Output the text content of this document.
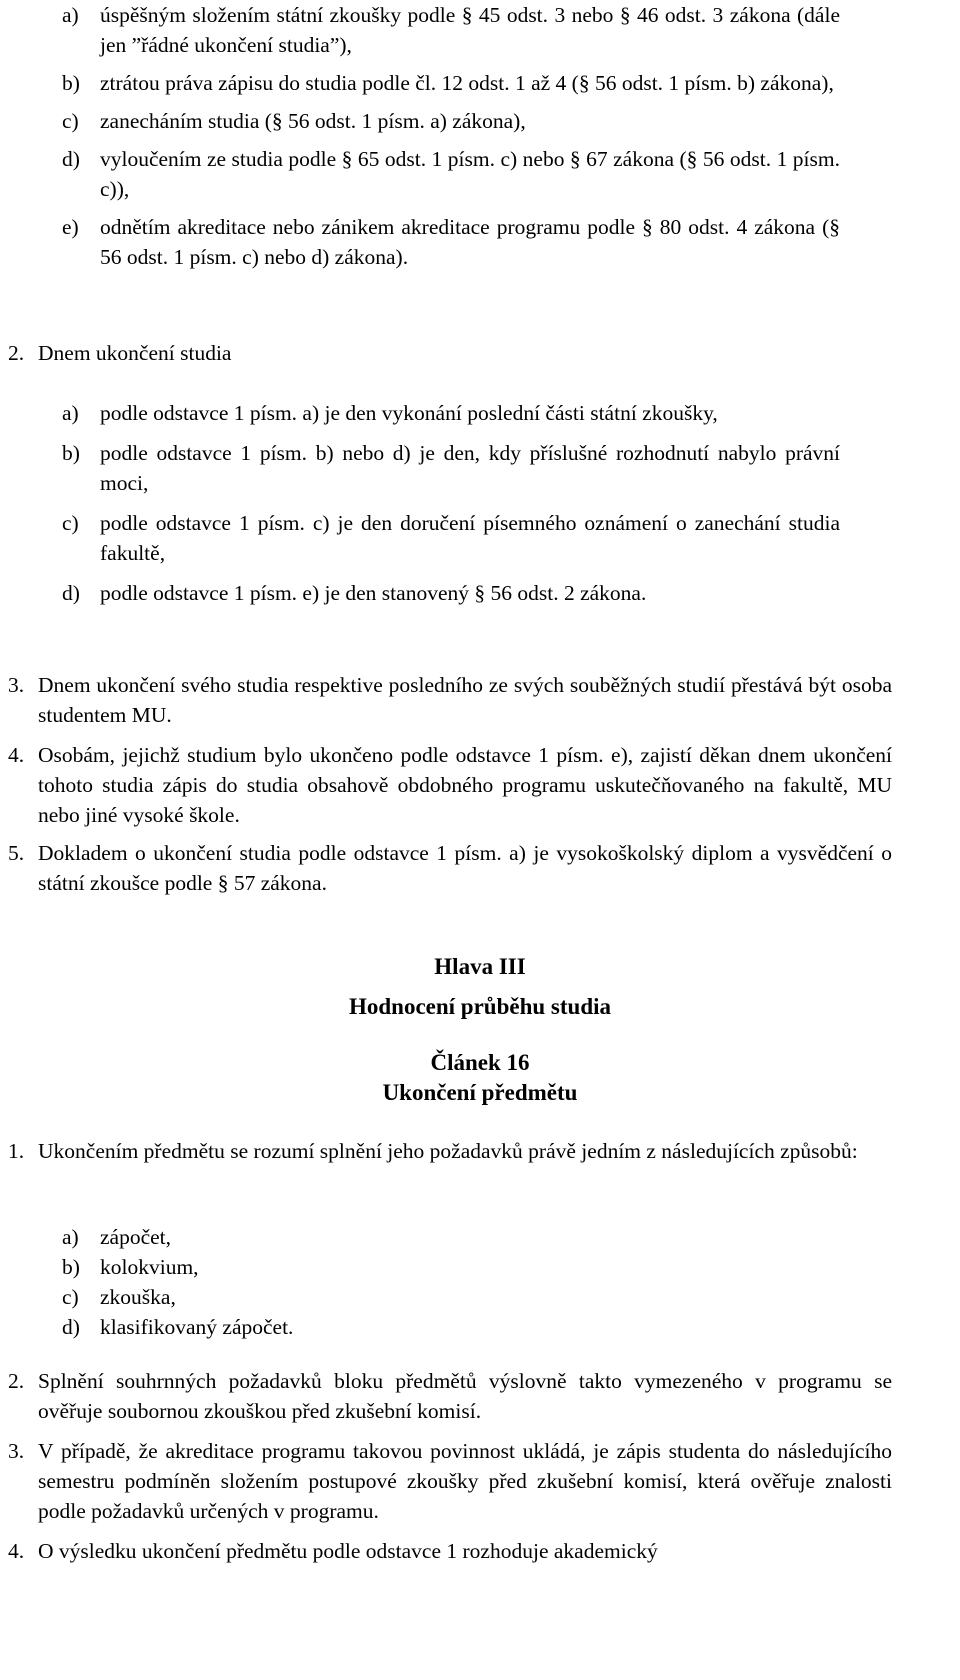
a) úspěšným složením státní zkoušky podle § 45 odst. 3 nebo § 46 odst. 3 zákona (dále jen ”řádné ukončení studia”),
b) ztrátou práva zápisu do studia podle čl. 12 odst. 1 až 4 (§ 56 odst. 1 písm. b) zákona),
c) zanecháním studia (§ 56 odst. 1 písm. a) zákona),
d) vyloučením ze studia podle § 65 odst. 1 písm. c) nebo § 67 zákona (§ 56 odst. 1 písm. c)),
e) odnětím akreditace nebo zánikem akreditace programu podle § 80 odst. 4 zákona (§ 56 odst. 1 písm. c) nebo d) zákona).
2. Dnem ukončení studia
a) podle odstavce 1 písm. a) je den vykonání poslední části státní zkoušky,
b) podle odstavce 1 písm. b) nebo d) je den, kdy příslušné rozhodnutí nabylo právní moci,
c) podle odstavce 1 písm. c) je den doručení písemného oznámení o zanechání studia fakultě,
d) podle odstavce 1 písm. e) je den stanovený § 56 odst. 2 zákona.
3. Dnem ukončení svého studia respektive posledního ze svých souběžných studií přestává být osoba studentem MU.
4. Osobám, jejichž studium bylo ukončeno podle odstavce 1 písm. e), zajistí děkan dnem ukončení tohoto studia zápis do studia obsahově obdobného programu uskutečňovaného na fakultě, MU nebo jiné vysoké škole.
5. Dokladem o ukončení studia podle odstavce 1 písm. a) je vysokoškolský diplom a vysvědčení o státní zkoušce podle § 57 zákona.
Hlava III
Hodnocení průběhu studia
Článek 16
Ukončení předmětu
1. Ukončením předmětu se rozumí splnění jeho požadavků právě jedním z následujících způsobů:
a) zápočet,
b) kolokvium,
c) zkouška,
d) klasifikovaný zápočet.
2. Splnění souhrnných požadavků bloku předmětů výslovně takto vymezeného v programu se ověřuje soubornou zkouškou před zkušební komisí.
3. V případě, že akreditace programu takovou povinnost ukládá, je zápis studenta do následujícího semestru podmíněn složením postupové zkoušky před zkušební komisí, která ověřuje znalosti podle požadavků určených v programu.
4. O výsledku ukončení předmětu podle odstavce 1 rozhoduje akademický
